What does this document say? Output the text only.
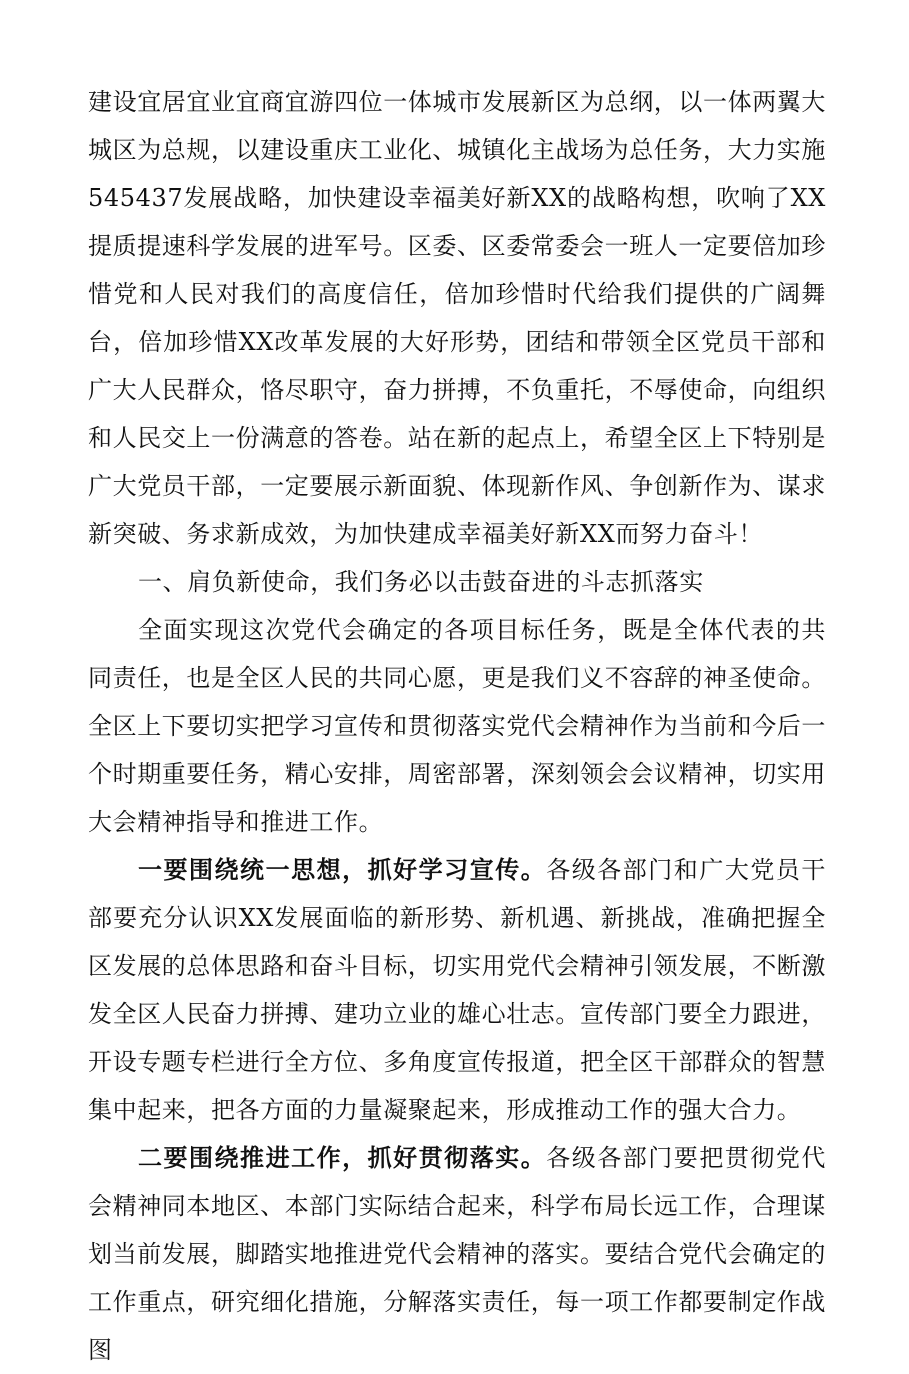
建设宜居宜业宜商宜游四位一体城市发展新区为总纲，以一体两翼大城区为总规，以建设重庆工业化、城镇化主战场为总任务，大力实施545437发展战略，加快建设幸福美好新XX的战略构想，吹响了XX提质提速科学发展的进军号。区委、区委常委会一班人一定要倍加珍惜党和人民对我们的高度信任，倍加珍惜时代给我们提供的广阔舞台，倍加珍惜XX改革发展的大好形势，团结和带领全区党员干部和广大人民群众，恪尽职守，奋力拼搏，不负重托，不辱使命，向组织和人民交上一份满意的答卷。站在新的起点上，希望全区上下特别是广大党员干部，一定要展示新面貌、体现新作风、争创新作为、谋求新突破、务求新成效，为加快建成幸福美好新XX而努力奋斗！

一、肩负新使命，我们务必以击鼓奋进的斗志抓落实

全面实现这次党代会确定的各项目标任务，既是全体代表的共同责任，也是全区人民的共同心愿，更是我们义不容辞的神圣使命。全区上下要切实把学习宣传和贯彻落实党代会精神作为当前和今后一个时期重要任务，精心安排，周密部署，深刻领会会议精神，切实用大会精神指导和推进工作。

一要围绕统一思想，抓好学习宣传。各级各部门和广大党员干部要充分认识XX发展面临的新形势、新机遇、新挑战，准确把握全区发展的总体思路和奋斗目标，切实用党代会精神引领发展，不断激发全区人民奋力拼搏、建功立业的雄心壮志。宣传部门要全力跟进，开设专题专栏进行全方位、多角度宣传报道，把全区干部群众的智慧集中起来，把各方面的力量凝聚起来，形成推动工作的强大合力。

二要围绕推进工作，抓好贯彻落实。各级各部门要把贯彻党代会精神同本地区、本部门实际结合起来，科学布局长远工作，合理谋划当前发展，脚踏实地推进党代会精神的落实。要结合党代会确定的工作重点，研究细化措施，分解落实责任，每一项工作都要制定作战图
